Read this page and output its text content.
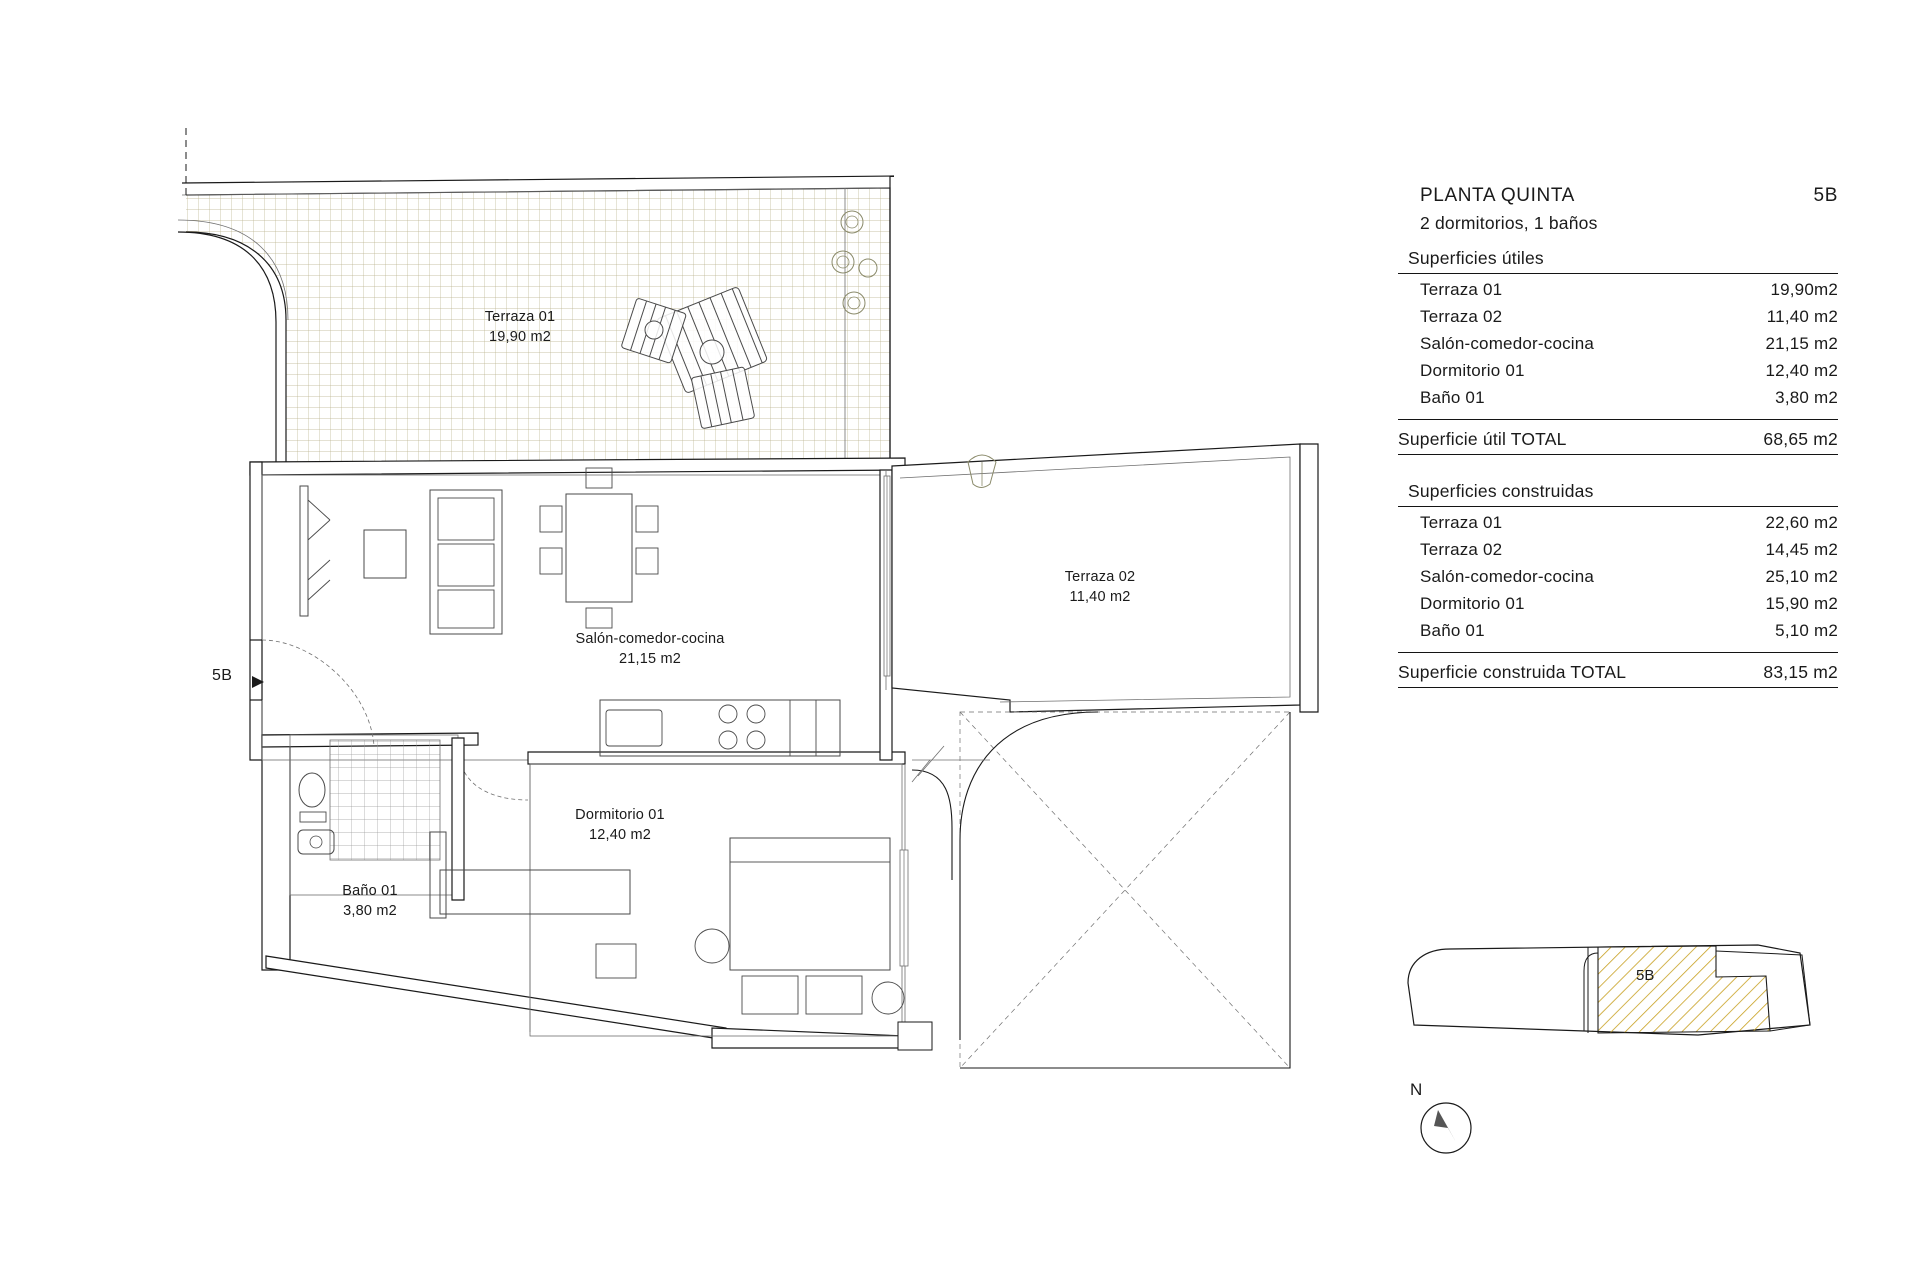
Terraza 01
19,90 m2
Terraza 02
11,40 m2
Salón-comedor-cocina
21,15 m2
Dormitorio 01
12,40 m2
Baño 01
3,80 m2
5B
PLANTA QUINTA	5B
2 dormitorios, 1 baños
Superficies útiles
Terraza 01	19,90m2
Terraza 02	11,40 m2
Salón-comedor-cocina	21,15 m2
Dormitorio 01	12,40 m2
Baño 01	3,80 m2
Superficie útil TOTAL	68,65 m2
Superficies construidas
Terraza 01	22,60 m2
Terraza 02	14,45 m2
Salón-comedor-cocina	25,10 m2
Dormitorio 01	15,90 m2
Baño 01	5,10 m2
Superficie construida TOTAL	83,15 m2
5B
N
